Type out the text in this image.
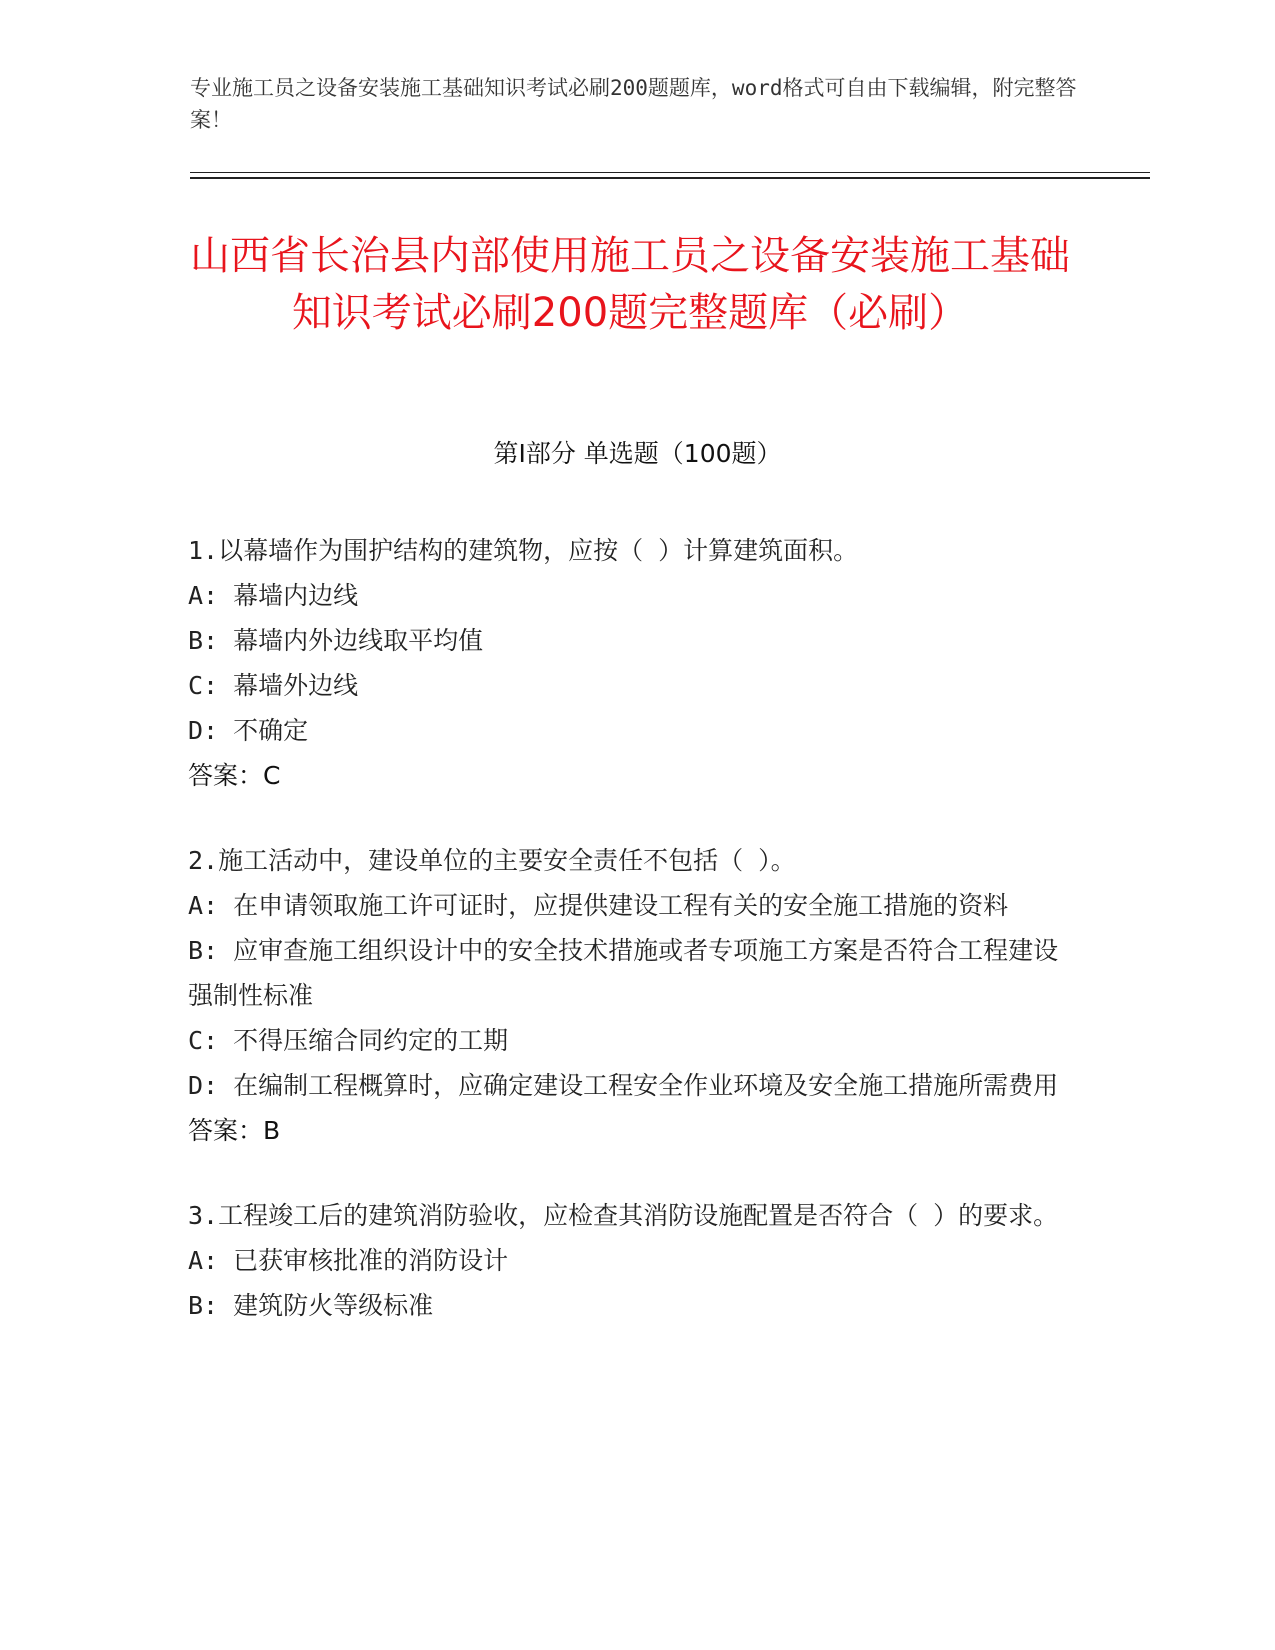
专业施工员之设备安装施工基础知识考试必刷200题题库，word格式可自由下载编辑，附完整答案！
山西省长治县内部使用施工员之设备安装施工基础知识考试必刷200题完整题库（必刷）
第Ⅰ部分 单选题（100题）
1.以幕墙作为围护结构的建筑物，应按（ ）计算建筑面积。
A: 幕墙内边线
B: 幕墙内外边线取平均值
C: 幕墙外边线
D: 不确定
答案：C
2.施工活动中，建设单位的主要安全责任不包括（ ）。
A: 在申请领取施工许可证时，应提供建设工程有关的安全施工措施的资料
B: 应审查施工组织设计中的安全技术措施或者专项施工方案是否符合工程建设强制性标准
C: 不得压缩合同约定的工期
D: 在编制工程概算时，应确定建设工程安全作业环境及安全施工措施所需费用
答案：B
3.工程竣工后的建筑消防验收，应检查其消防设施配置是否符合（ ）的要求。
A: 已获审核批准的消防设计
B: 建筑防火等级标准
